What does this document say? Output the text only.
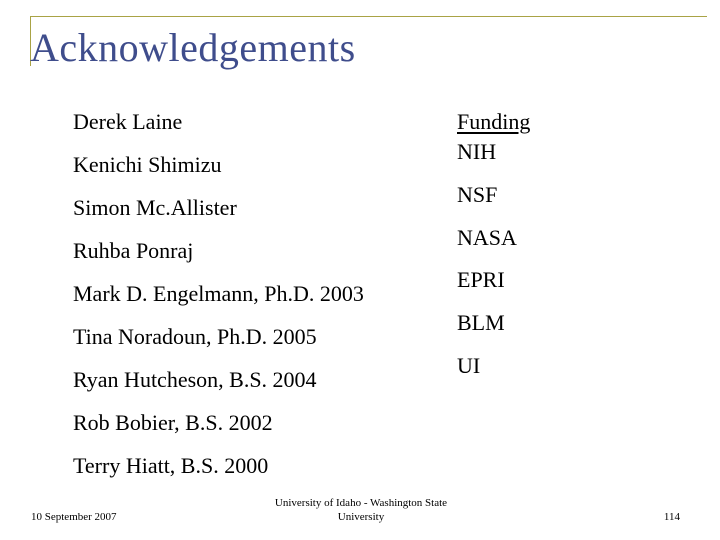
Acknowledgements
Derek Laine
Kenichi Shimizu
Simon Mc.Allister
Ruhba Ponraj
Mark D. Engelmann, Ph.D. 2003
Tina Noradoun, Ph.D. 2005
Ryan Hutcheson, B.S. 2004
Rob Bobier, B.S. 2002
Terry Hiatt, B.S. 2000
Funding
NIH
NSF
NASA
EPRI
BLM
UI
10 September 2007
University of Idaho - Washington State
University	114
